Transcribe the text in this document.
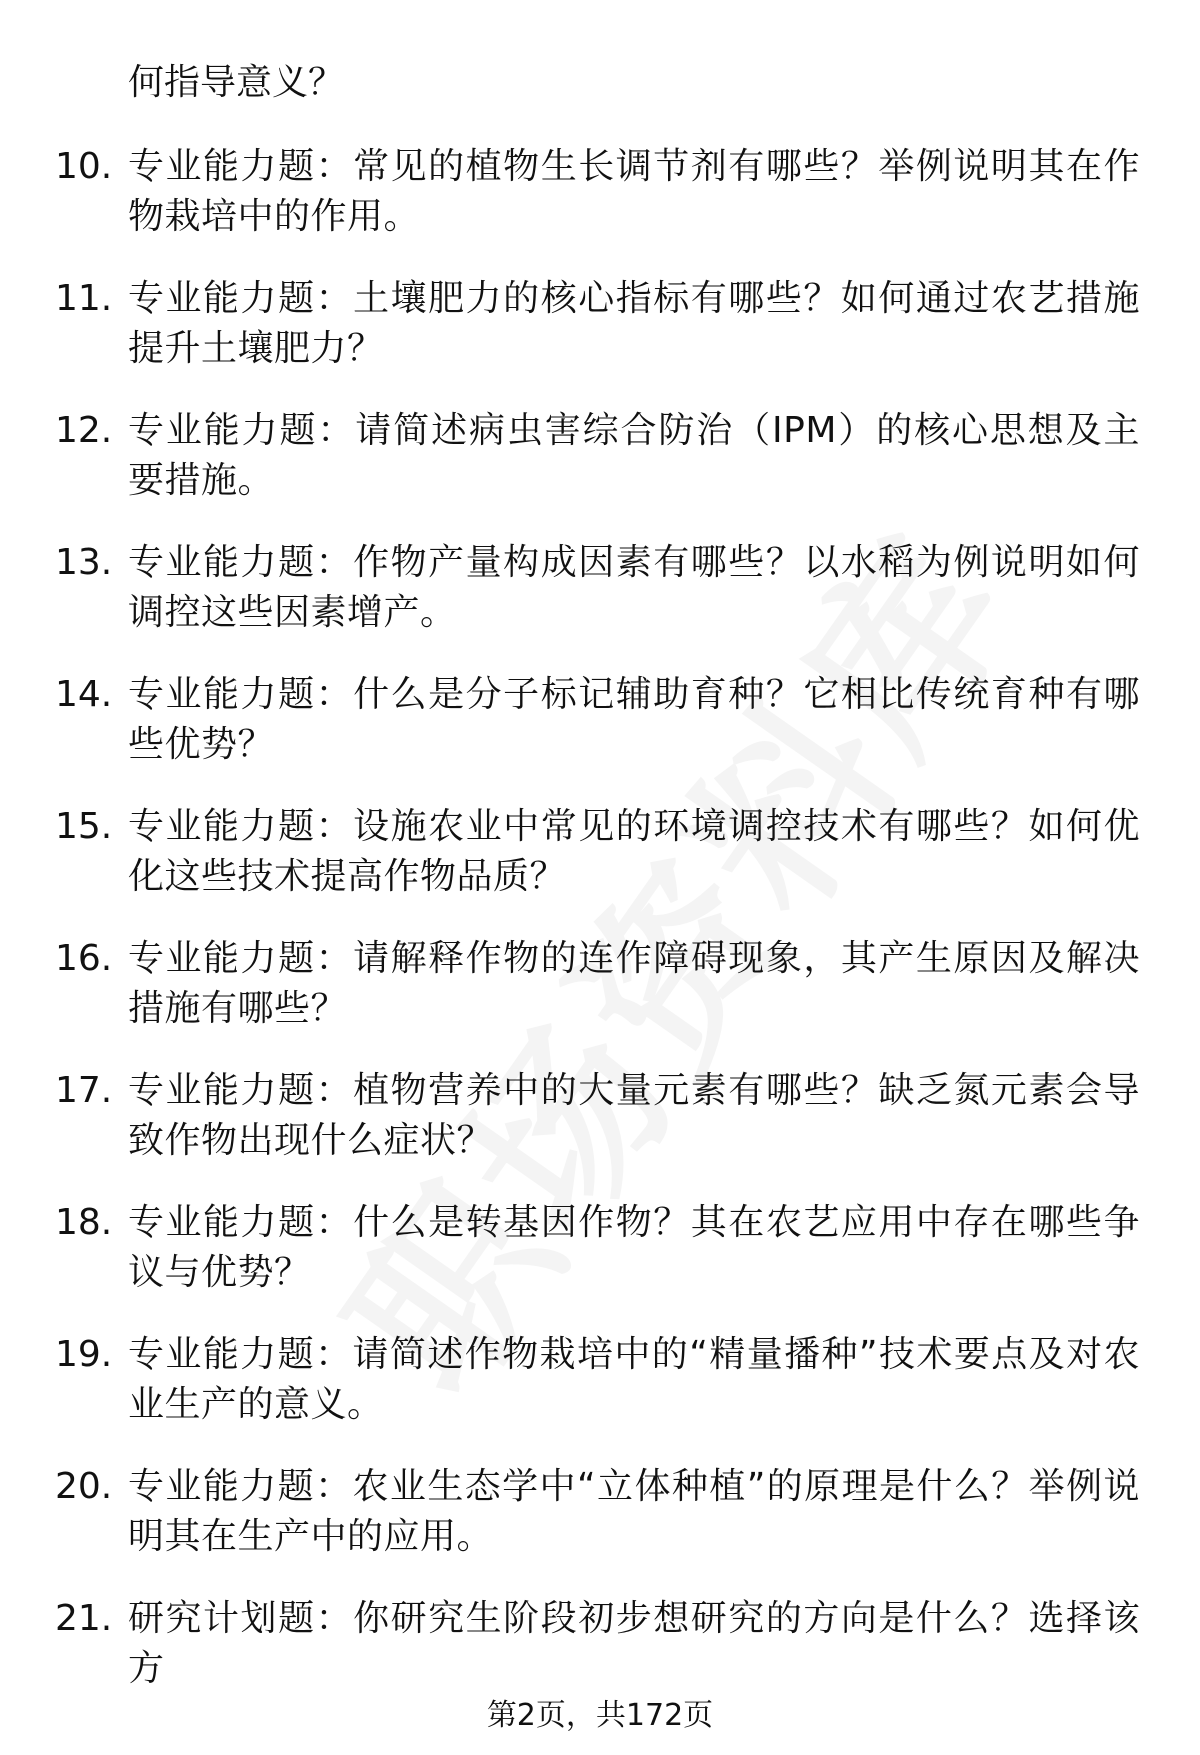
何指导意义？
10. 专业能力题：常见的植物生长调节剂有哪些？举例说明其在作物栽培中的作用。
11. 专业能力题：土壤肥力的核心指标有哪些？如何通过农艺措施提升土壤肥力？
12. 专业能力题：请简述病虫害综合防治（IPM）的核心思想及主要措施。
13. 专业能力题：作物产量构成因素有哪些？以水稻为例说明如何调控这些因素增产。
14. 专业能力题：什么是分子标记辅助育种？它相比传统育种有哪些优势？
15. 专业能力题：设施农业中常见的环境调控技术有哪些？如何优化这些技术提高作物品质？
16. 专业能力题：请解释作物的连作障碍现象，其产生原因及解决措施有哪些？
17. 专业能力题：植物营养中的大量元素有哪些？缺乏氮元素会导致作物出现什么症状？
18. 专业能力题：什么是转基因作物？其在农艺应用中存在哪些争议与优势？
19. 专业能力题：请简述作物栽培中的“精量播种”技术要点及对农业生产的意义。
20. 专业能力题：农业生态学中“立体种植”的原理是什么？举例说明其在生产中的应用。
21. 研究计划题：你研究生阶段初步想研究的方向是什么？选择该方
第2页，共172页
